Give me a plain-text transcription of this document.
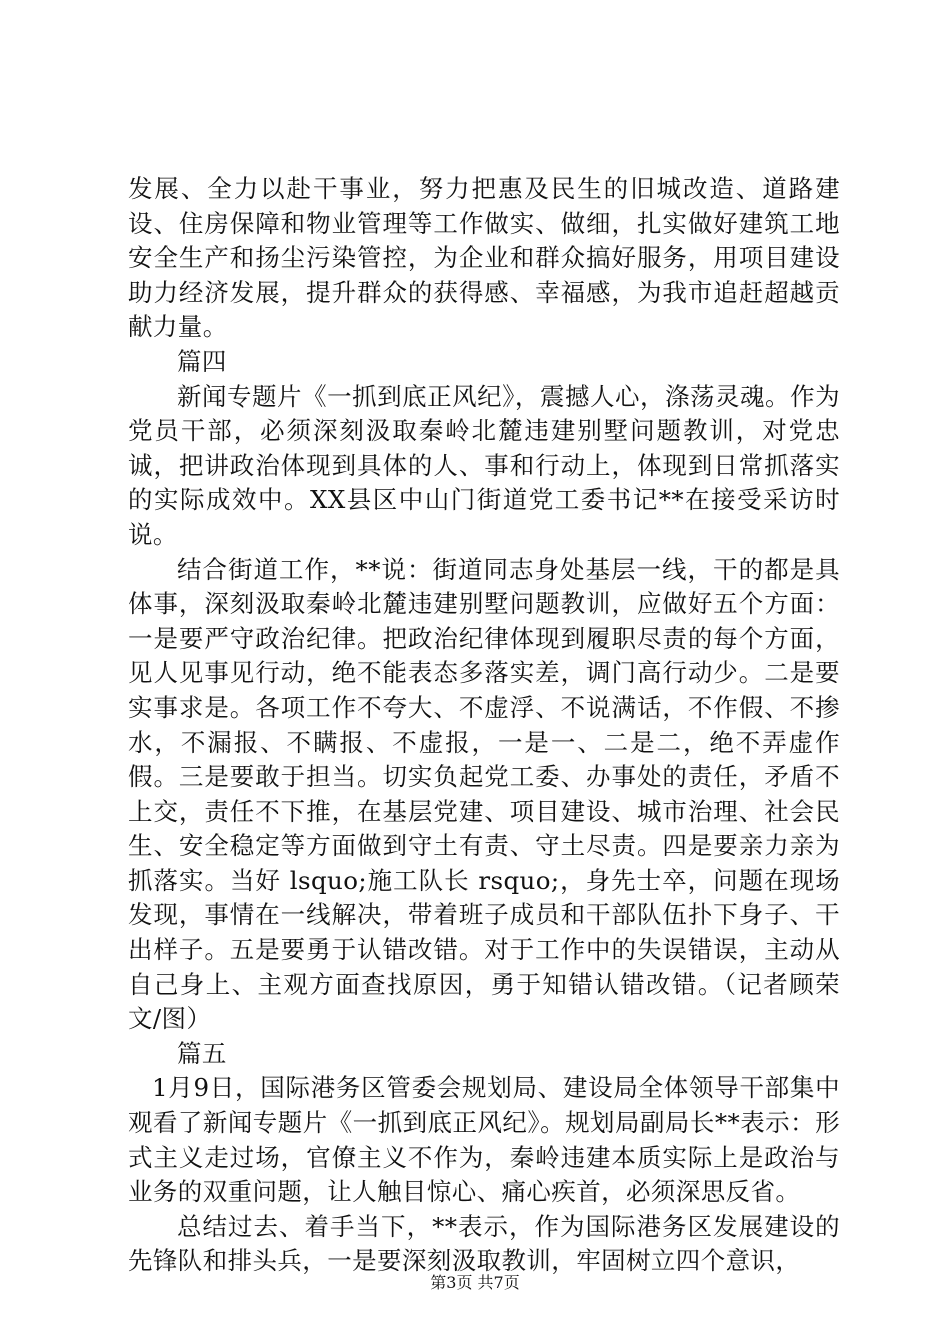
发展、全力以赴干事业，努力把惠及民生的旧城改造、道路建设、住房保障和物业管理等工作做实、做细，扎实做好建筑工地安全生产和扬尘污染管控，为企业和群众搞好服务，用项目建设助力经济发展，提升群众的获得感、幸福感，为我市追赶超越贡献力量。

篇四

新闻专题片《一抓到底正风纪》，震撼人心，涤荡灵魂。作为党员干部，必须深刻汲取秦岭北麓违建别墅问题教训，对党忠诚，把讲政治体现到具体的人、事和行动上，体现到日常抓落实的实际成效中。XX县区中山门街道党工委书记**在接受采访时说。

结合街道工作，**说：街道同志身处基层一线，干的都是具体事，深刻汲取秦岭北麓违建别墅问题教训，应做好五个方面：一是要严守政治纪律。把政治纪律体现到履职尽责的每个方面，见人见事见行动，绝不能表态多落实差，调门高行动少。二是要实事求是。各项工作不夸大、不虚浮、不说满话，不作假、不掺水，不漏报、不瞒报、不虚报，一是一、二是二，绝不弄虚作假。三是要敢于担当。切实负起党工委、办事处的责任，矛盾不上交，责任不下推，在基层党建、项目建设、城市治理、社会民生、安全稳定等方面做到守土有责、守土尽责。四是要亲力亲为抓落实。当好 lsquo;施工队长 rsquo;，身先士卒，问题在现场发现，事情在一线解决，带着班子成员和干部队伍扑下身子、干出样子。五是要勇于认错改错。对于工作中的失误错误，主动从自己身上、主观方面查找原因，勇于知错认错改错。（记者顾荣文/图）

篇五

1月9日，国际港务区管委会规划局、建设局全体领导干部集中观看了新闻专题片《一抓到底正风纪》。规划局副局长**表示：形式主义走过场，官僚主义不作为，秦岭违建本质实际上是政治与业务的双重问题，让人触目惊心、痛心疾首，必须深思反省。

总结过去、着手当下，**表示，作为国际港务区发展建设的先锋队和排头兵，一是要深刻汲取教训，牢固树立四个意识，

第3页 共7页
